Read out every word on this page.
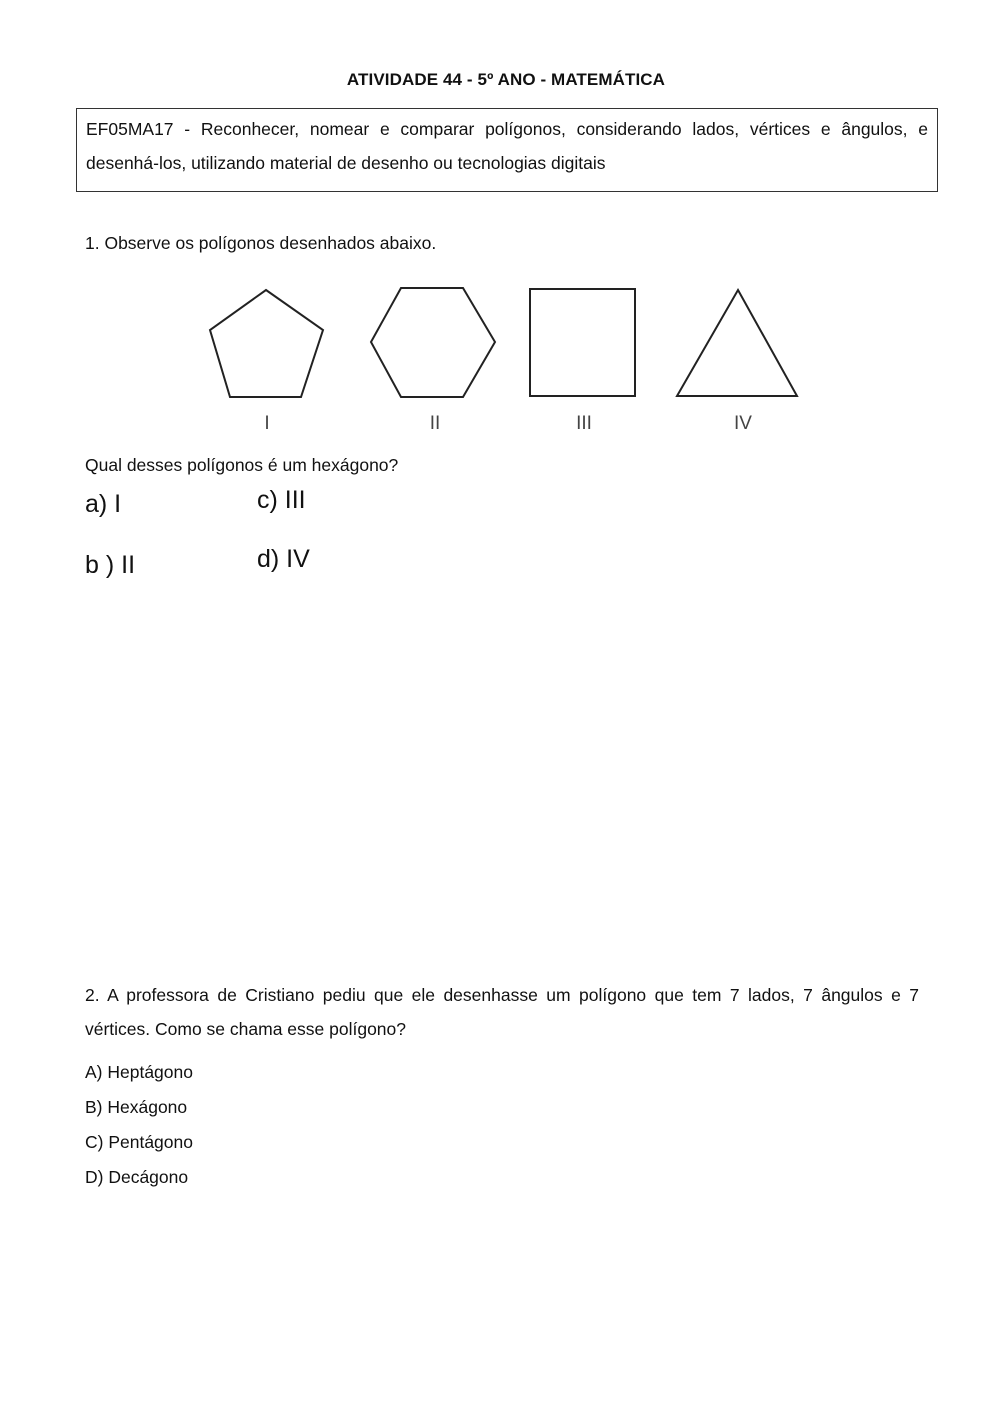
ATIVIDADE 44 - 5º ANO - MATEMÁTICA
EF05MA17 - Reconhecer, nomear e comparar polígonos, considerando lados, vértices e ângulos, e desenhá-los, utilizando material de desenho ou tecnologias digitais
1. Observe os polígonos desenhados abaixo.
I	II	III	IV
Qual desses polígonos é um hexágono?
a) I	c) III
b ) II	d) IV
2. A professora de Cristiano pediu que ele desenhasse um polígono que tem 7 lados, 7 ângulos e 7 vértices. Como se chama esse polígono?
A) Heptágono
B) Hexágono
C) Pentágono
D) Decágono
